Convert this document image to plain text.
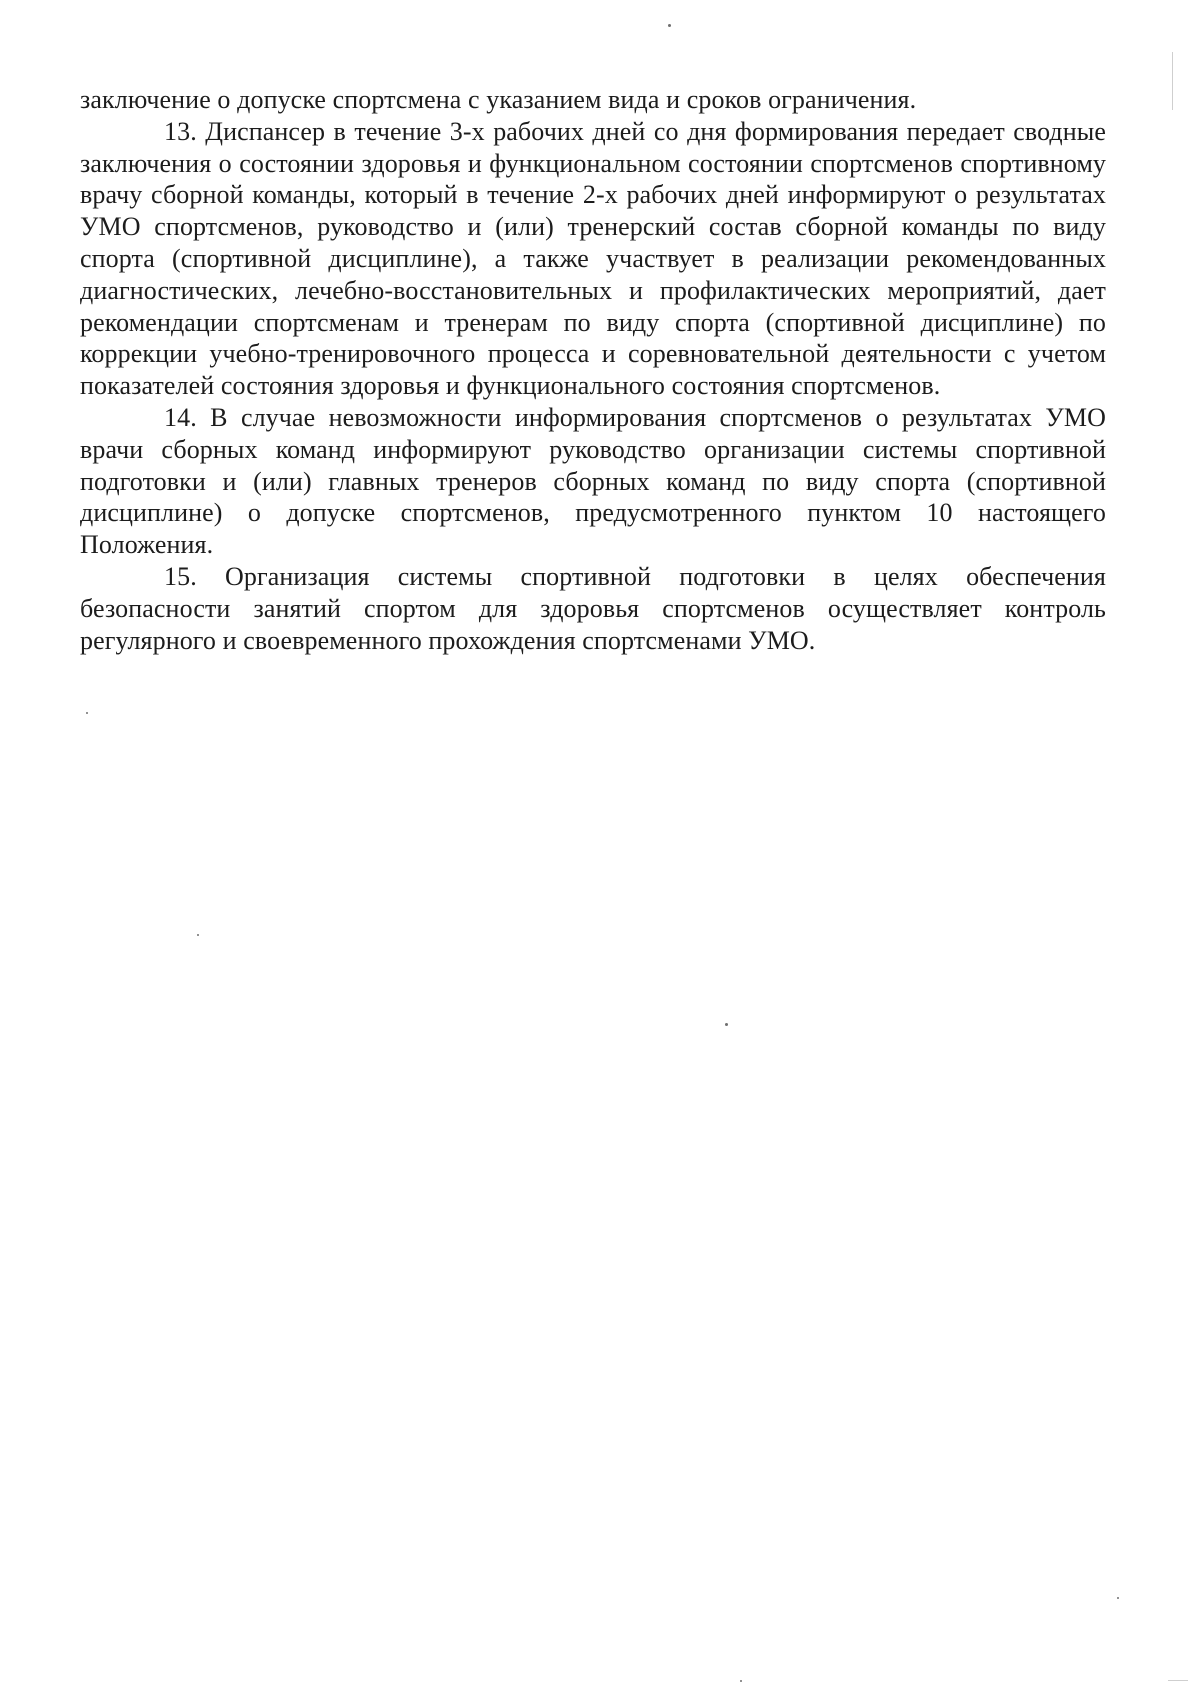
заключение о допуске спортсмена с указанием вида и сроков ограничения.

13. Диспансер в течение 3-х рабочих дней со дня формирования передает сводные заключения о состоянии здоровья и функциональном состоянии спортсменов спортивному врачу сборной команды, который в течение 2-х рабочих дней информируют о результатах УМО спортсменов, руководство и (или) тренерский состав сборной команды по виду спорта (спортивной дисциплине), а также участвует в реализации рекомендованных диагностических, лечебно-восстановительных и профилактических мероприятий, дает рекомендации спортсменам и тренерам по виду спорта (спортивной дисциплине) по коррекции учебно-тренировочного процесса и соревновательной деятельности с учетом показателей состояния здоровья и функционального состояния спортсменов.

14. В случае невозможности информирования спортсменов о результатах УМО врачи сборных команд информируют руководство организации системы спортивной подготовки и (или) главных тренеров сборных команд по виду спорта (спортивной дисциплине) о допуске спортсменов, предусмотренного пунктом 10 настоящего Положения.

15. Организация системы спортивной подготовки в целях обеспечения безопасности занятий спортом для здоровья спортсменов осуществляет контроль регулярного и своевременного прохождения спортсменами УМО.
